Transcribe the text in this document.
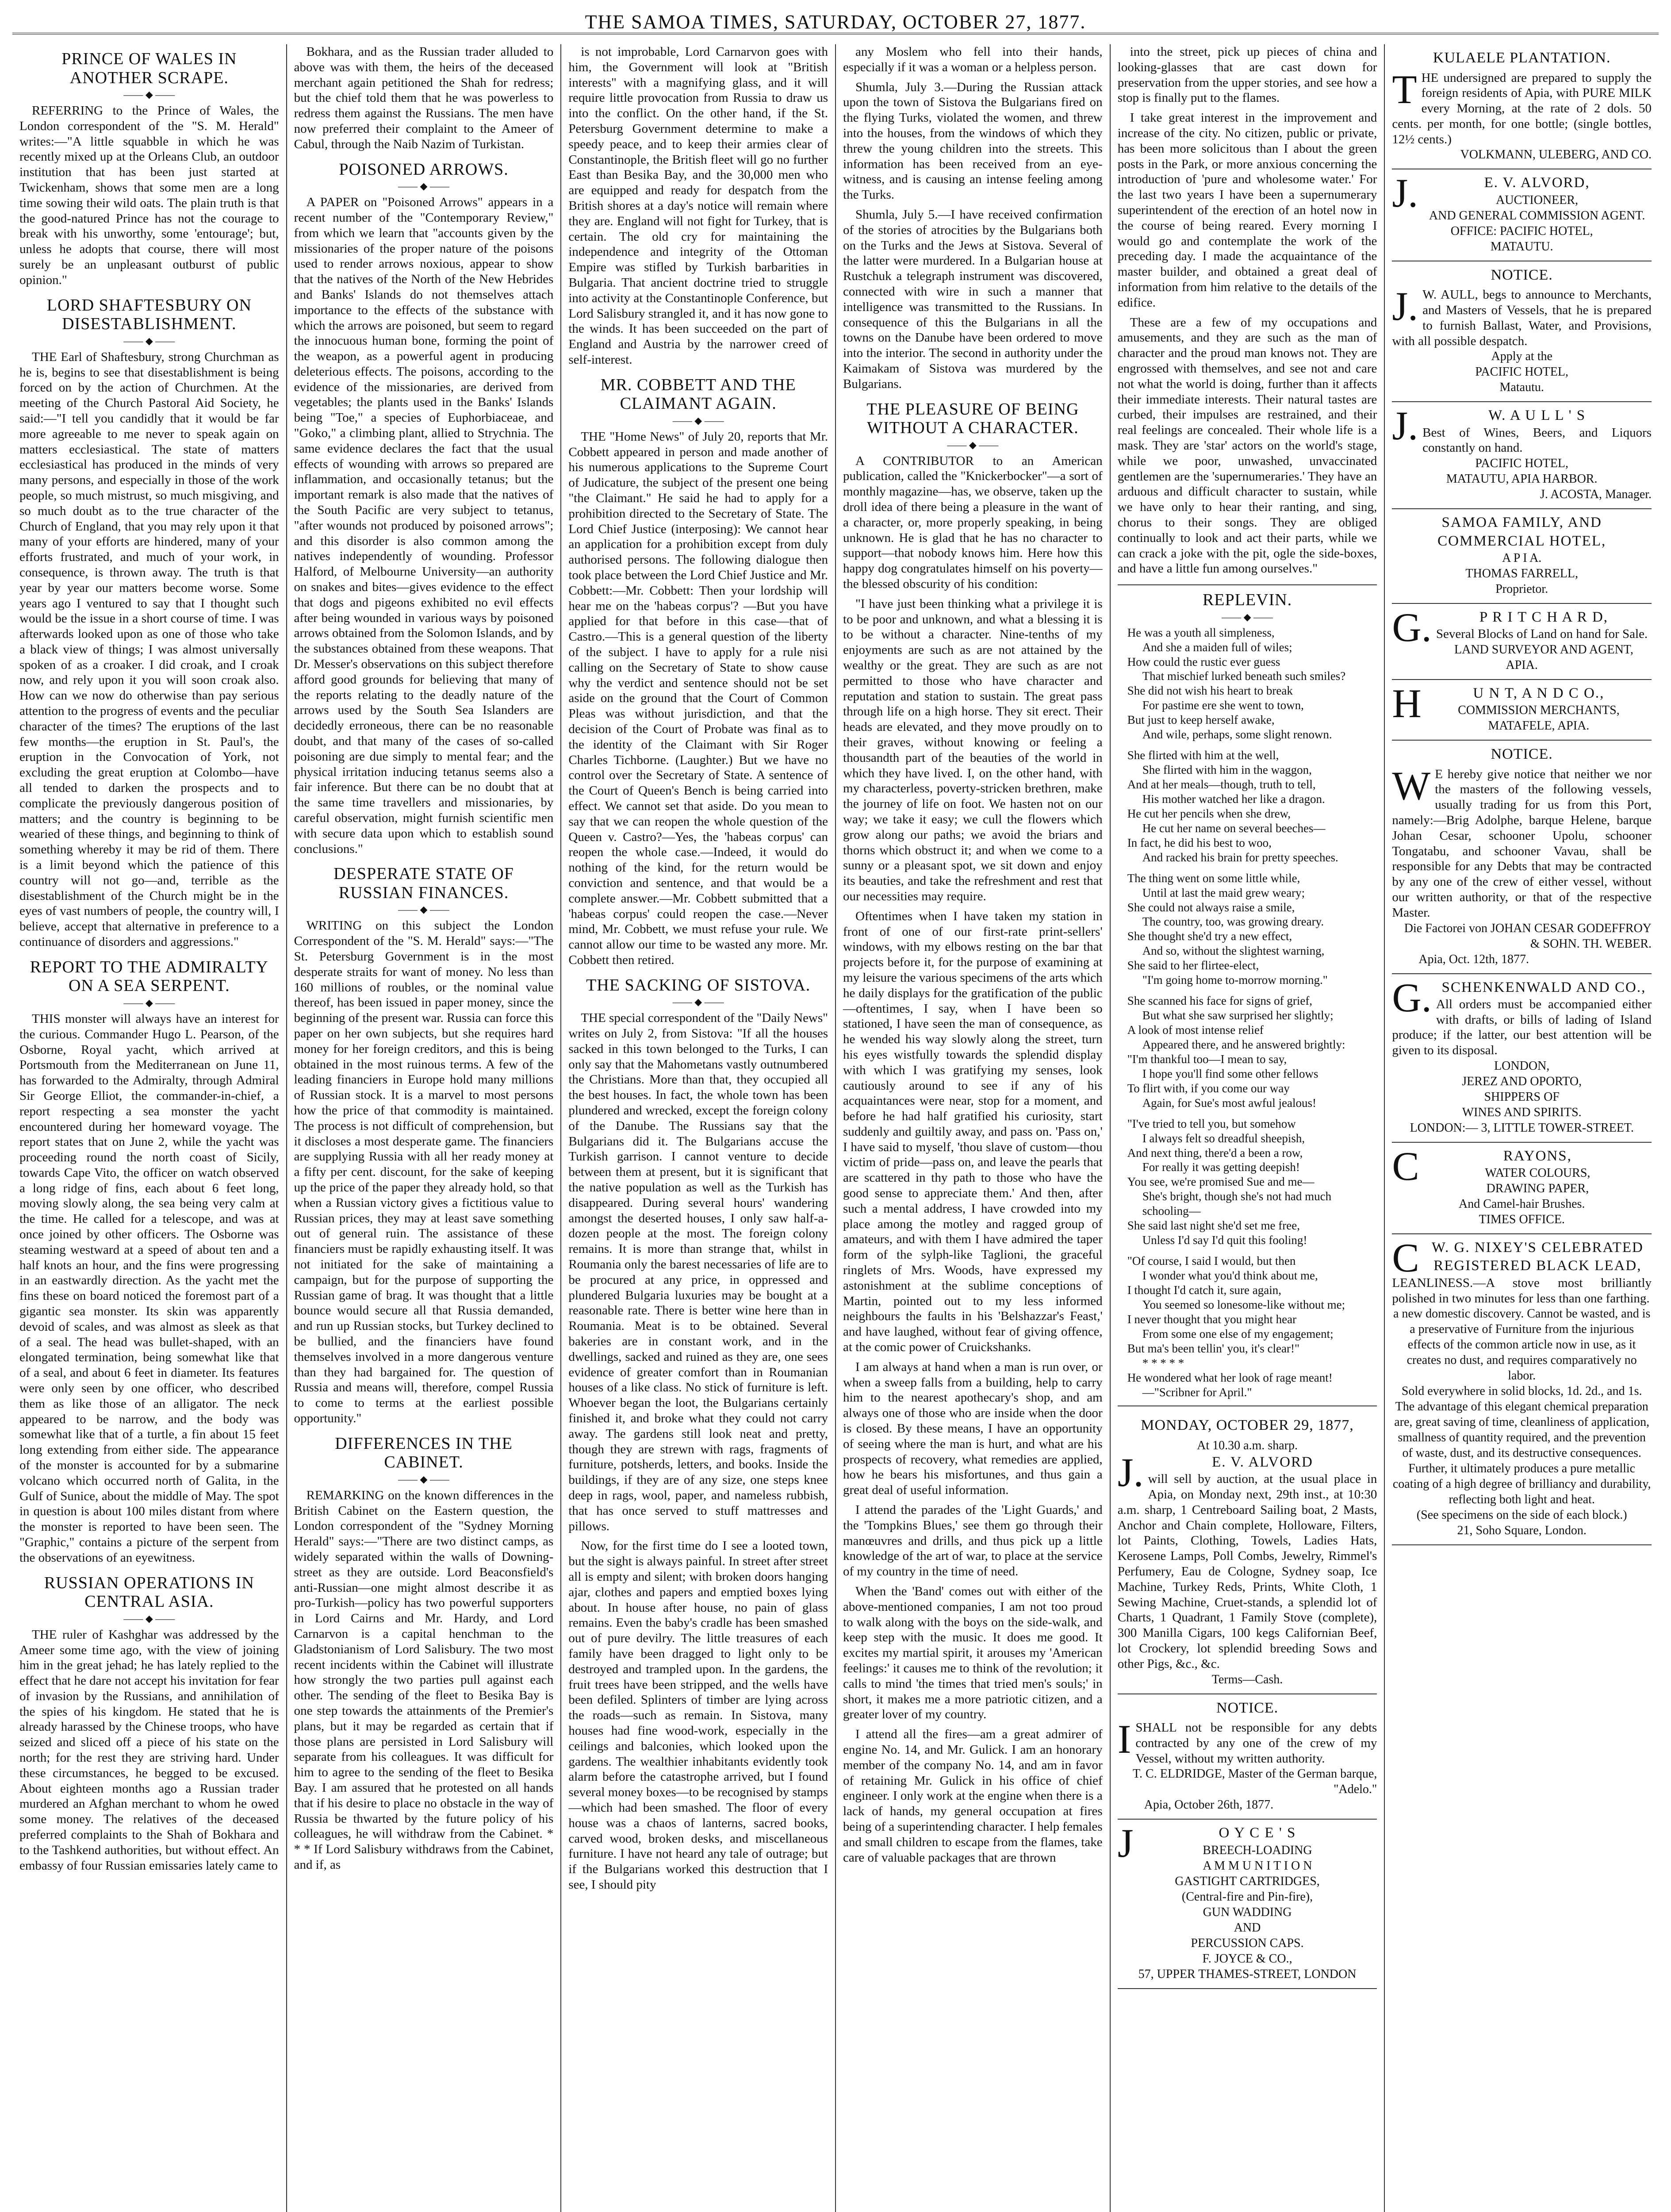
THE SAMOA TIMES, SATURDAY, OCTOBER 27, 1877.
PRINCE OF WALES IN ANOTHER SCRAPE.
—— ◆ ——

REFERRING to the Prince of Wales, the London correspondent of the "S. M. Herald" writes:—"A little squabble in which he was recently mixed up at the Orleans Club, an outdoor institution that has been just started at Twickenham, shows that some men are a long time sowing their wild oats. The plain truth is that the good-natured Prince has not the courage to break with his unworthy, some 'entourage'; but, unless he adopts that course, there will most surely be an unpleasant outburst of public opinion."

LORD SHAFTESBURY ON DISESTABLISHMENT.
—— ◆ ——

THE Earl of Shaftesbury, strong Churchman as he is, begins to see that disestablishment is being forced on by the action of Churchmen. At the meeting of the Church Pastoral Aid Society, he said:—"I tell you candidly that it would be far more agreeable to me never to speak again on matters ecclesiastical. The state of matters ecclesiastical has produced in the minds of very many persons, and especially in those of the work people, so much mistrust, so much misgiving, and so much doubt as to the true character of the Church of England, that you may rely upon it that many of your efforts are hindered, many of your efforts frustrated, and much of your work, in consequence, is thrown away. The truth is that year by year our matters become worse. Some years ago I ventured to say that I thought such would be the issue in a short course of time. I was afterwards looked upon as one of those who take a black view of things; I was almost universally spoken of as a croaker. I did croak, and I croak now, and rely upon it you will soon croak also. How can we now do otherwise than pay serious attention to the progress of events and the peculiar character of the times? The eruptions of the last few months—the eruption in St. Paul's, the eruption in the Convocation of York, not excluding the great eruption at Colombo—have all tended to darken the prospects and to complicate the previously dangerous position of matters; and the country is beginning to be wearied of these things, and beginning to think of something whereby it may be rid of them. There is a limit beyond which the patience of this country will not go—and, terrible as the disestablishment of the Church might be in the eyes of vast numbers of people, the country will, I believe, accept that alternative in preference to a continuance of disorders and aggressions."

REPORT TO THE ADMIRALTY ON A SEA SERPENT.
—— ◆ ——

THIS monster will always have an interest for the curious. Commander Hugo L. Pearson, of the Osborne, Royal yacht, which arrived at Portsmouth from the Mediterranean on June 11, has forwarded to the Admiralty, through Admiral Sir George Elliot, the commander-in-chief, a report respecting a sea monster the yacht encountered during her homeward voyage. The report states that on June 2, while the yacht was proceeding round the north coast of Sicily, towards Cape Vito, the officer on watch observed a long ridge of fins, each about 6 feet long, moving slowly along, the sea being very calm at the time. He called for a telescope, and was at once joined by other officers. The Osborne was steaming westward at a speed of about ten and a half knots an hour, and the fins were progressing in an eastwardly direction. As the yacht met the fins these on board noticed the foremost part of a gigantic sea monster. Its skin was apparently devoid of scales, and was almost as sleek as that of a seal. The head was bullet-shaped, with an elongated termination, being somewhat like that of a seal, and about 6 feet in diameter. Its features were only seen by one officer, who described them as like those of an alligator. The neck appeared to be narrow, and the body was somewhat like that of a turtle, a fin about 15 feet long extending from either side. The appearance of the monster is accounted for by a submarine volcano which occurred north of Galita, in the Gulf of Sunice, about the middle of May. The spot in question is about 100 miles distant from where the monster is reported to have been seen. The "Graphic," contains a picture of the serpent from the observations of an eyewitness.

RUSSIAN OPERATIONS IN CENTRAL ASIA.
—— ◆ ——

THE ruler of Kashghar was addressed by the Ameer some time ago, with the view of joining him in the great jehad; he has lately replied to the effect that he dare not accept his invitation for fear of invasion by the Russians, and annihilation of the spies of his kingdom. He stated that he is already harassed by the Chinese troops, who have seized and sliced off a piece of his state on the north; for the rest they are striving hard. Under these circumstances, he begged to be excused. About eighteen months ago a Russian trader murdered an Afghan merchant to whom he owed some money. The relatives of the deceased preferred complaints to the Shah of Bokhara and to the Tashkend authorities, but without effect. An embassy of four Russian emissaries lately came to

Bokhara, and as the Russian trader alluded to above was with them, the heirs of the deceased merchant again petitioned the Shah for redress; but the chief told them that he was powerless to redress them against the Russians. The men have now preferred their complaint to the Ameer of Cabul, through the Naib Nazim of Turkistan.

POISONED ARROWS.
—— ◆ ——

A PAPER on "Poisoned Arrows" appears in a recent number of the "Contemporary Review," from which we learn that "accounts given by the missionaries of the proper nature of the poisons used to render arrows noxious, appear to show that the natives of the North of the New Hebrides and Banks' Islands do not themselves attach importance to the effects of the substance with which the arrows are poisoned, but seem to regard the innocuous human bone, forming the point of the weapon, as a powerful agent in producing deleterious effects. The poisons, according to the evidence of the missionaries, are derived from vegetables; the plants used in the Banks' Islands being "Toe," a species of Euphorbiaceae, and "Goko," a climbing plant, allied to Strychnia. The same evidence declares the fact that the usual effects of wounding with arrows so prepared are inflammation, and occasionally tetanus; but the important remark is also made that the natives of the South Pacific are very subject to tetanus, "after wounds not produced by poisoned arrows"; and this disorder is also common among the natives independently of wounding. Professor Halford, of Melbourne University—an authority on snakes and bites—gives evidence to the effect that dogs and pigeons exhibited no evil effects after being wounded in various ways by poisoned arrows obtained from the Solomon Islands, and by the substances obtained from these weapons. That Dr. Messer's observations on this subject therefore afford good grounds for believing that many of the reports relating to the deadly nature of the arrows used by the South Sea Islanders are decidedly erroneous, there can be no reasonable doubt, and that many of the cases of so-called poisoning are due simply to mental fear; and the physical irritation inducing tetanus seems also a fair inference. But there can be no doubt that at the same time travellers and missionaries, by careful observation, might furnish scientific men with secure data upon which to establish sound conclusions."

DESPERATE STATE OF RUSSIAN FINANCES.
—— ◆ ——

WRITING on this subject the London Correspondent of the "S. M. Herald" says:—"The St. Petersburg Government is in the most desperate straits for want of money. No less than 160 millions of roubles, or the nominal value thereof, has been issued in paper money, since the beginning of the present war. Russia can force this paper on her own subjects, but she requires hard money for her foreign creditors, and this is being obtained in the most ruinous terms. A few of the leading financiers in Europe hold many millions of Russian stock. It is a marvel to most persons how the price of that commodity is maintained. The process is not difficult of comprehension, but it discloses a most desperate game. The financiers are supplying Russia with all her ready money at a fifty per cent. discount, for the sake of keeping up the price of the paper they already hold, so that when a Russian victory gives a fictitious value to Russian prices, they may at least save something out of general ruin. The assistance of these financiers must be rapidly exhausting itself. It was not initiated for the sake of maintaining a campaign, but for the purpose of supporting the Russian game of brag. It was thought that a little bounce would secure all that Russia demanded, and run up Russian stocks, but Turkey declined to be bullied, and the financiers have found themselves involved in a more dangerous venture than they had bargained for. The question of Russia and means will, therefore, compel Russia to come to terms at the earliest possible opportunity."

DIFFERENCES IN THE CABINET.
—— ◆ ——

REMARKING on the known differences in the British Cabinet on the Eastern question, the London correspondent of the "Sydney Morning Herald" says:—"There are two distinct camps, as widely separated within the walls of Downing-street as they are outside. Lord Beaconsfield's anti-Russian—one might almost describe it as pro-Turkish—policy has two powerful supporters in Lord Cairns and Mr. Hardy, and Lord Carnarvon is a capital henchman to the Gladstonianism of Lord Salisbury. The two most recent incidents within the Cabinet will illustrate how strongly the two parties pull against each other. The sending of the fleet to Besika Bay is one step towards the attainments of the Premier's plans, but it may be regarded as certain that if those plans are persisted in Lord Salisbury will separate from his colleagues. It was difficult for him to agree to the sending of the fleet to Besika Bay. I am assured that he protested on all hands that if his desire to place no obstacle in the way of Russia be thwarted by the future policy of his colleagues, he will withdraw from the Cabinet. * * * If Lord Salisbury withdraws from the Cabinet, and if, as

is not improbable, Lord Carnarvon goes with him, the Government will look at "British interests" with a magnifying glass, and it will require little provocation from Russia to draw us into the conflict. On the other hand, if the St. Petersburg Government determine to make a speedy peace, and to keep their armies clear of Constantinople, the British fleet will go no further East than Besika Bay, and the 30,000 men who are equipped and ready for despatch from the British shores at a day's notice will remain where they are. England will not fight for Turkey, that is certain. The old cry for maintaining the independence and integrity of the Ottoman Empire was stifled by Turkish barbarities in Bulgaria. That ancient doctrine tried to struggle into activity at the Constantinople Conference, but Lord Salisbury strangled it, and it has now gone to the winds. It has been succeeded on the part of England and Austria by the narrower creed of self-interest.

MR. COBBETT AND THE CLAIMANT AGAIN.
—— ◆ ——

THE "Home News" of July 20, reports that Mr. Cobbett appeared in person and made another of his numerous applications to the Supreme Court of Judicature, the subject of the present one being "the Claimant." He said he had to apply for a prohibition directed to the Secretary of State. The Lord Chief Justice (interposing): We cannot hear an application for a prohibition except from duly authorised persons. The following dialogue then took place between the Lord Chief Justice and Mr. Cobbett:—Mr. Cobbett: Then your lordship will hear me on the 'habeas corpus'? —But you have applied for that before in this case—that of Castro.—This is a general question of the liberty of the subject. I have to apply for a rule nisi calling on the Secretary of State to show cause why the verdict and sentence should not be set aside on the ground that the Court of Common Pleas was without jurisdiction, and that the decision of the Court of Probate was final as to the identity of the Claimant with Sir Roger Charles Tichborne. (Laughter.) But we have no control over the Secretary of State. A sentence of the Court of Queen's Bench is being carried into effect. We cannot set that aside. Do you mean to say that we can reopen the whole question of the Queen v. Castro?—Yes, the 'habeas corpus' can reopen the whole case.—Indeed, it would do nothing of the kind, for the return would be conviction and sentence, and that would be a complete answer.—Mr. Cobbett submitted that a 'habeas corpus' could reopen the case.—Never mind, Mr. Cobbett, we must refuse your rule. We cannot allow our time to be wasted any more. Mr. Cobbett then retired.

THE SACKING OF SISTOVA.
—— ◆ ——

THE special correspondent of the "Daily News" writes on July 2, from Sistova: "If all the houses sacked in this town belonged to the Turks, I can only say that the Mahometans vastly outnumbered the Christians. More than that, they occupied all the best houses. In fact, the whole town has been plundered and wrecked, except the foreign colony of the Danube. The Russians say that the Bulgarians did it. The Bulgarians accuse the Turkish garrison. I cannot venture to decide between them at present, but it is significant that the native population as well as the Turkish has disappeared. During several hours' wandering amongst the deserted houses, I only saw half-a-dozen people at the most. The foreign colony remains. It is more than strange that, whilst in Roumania only the barest necessaries of life are to be procured at any price, in oppressed and plundered Bulgaria luxuries may be bought at a reasonable rate. There is better wine here than in Roumania. Meat is to be obtained. Several bakeries are in constant work, and in the dwellings, sacked and ruined as they are, one sees evidence of greater comfort than in Roumanian houses of a like class. No stick of furniture is left. Whoever began the loot, the Bulgarians certainly finished it, and broke what they could not carry away. The gardens still look neat and pretty, though they are strewn with rags, fragments of furniture, potsherds, letters, and books. Inside the buildings, if they are of any size, one steps knee deep in rags, wool, paper, and nameless rubbish, that has once served to stuff mattresses and pillows.

Now, for the first time do I see a looted town, but the sight is always painful. In street after street all is empty and silent; with broken doors hanging ajar, clothes and papers and emptied boxes lying about. In house after house, no pain of glass remains. Even the baby's cradle has been smashed out of pure devilry. The little treasures of each family have been dragged to light only to be destroyed and trampled upon. In the gardens, the fruit trees have been stripped, and the wells have been defiled. Splinters of timber are lying across the roads—such as remain. In Sistova, many houses had fine wood-work, especially in the ceilings and balconies, which looked upon the gardens. The wealthier inhabitants evidently took alarm before the catastrophe arrived, but I found several money boxes—to be recognised by stamps—which had been smashed. The floor of every house was a chaos of lanterns, sacred books, carved wood, broken desks, and miscellaneous furniture. I have not heard any tale of outrage; but if the Bulgarians worked this destruction that I see, I should pity

any Moslem who fell into their hands, especially if it was a woman or a helpless person.

Shumla, July 3.—During the Russian attack upon the town of Sistova the Bulgarians fired on the flying Turks, violated the women, and threw into the houses, from the windows of which they threw the young children into the streets. This information has been received from an eye-witness, and is causing an intense feeling among the Turks.

Shumla, July 5.—I have received confirmation of the stories of atrocities by the Bulgarians both on the Turks and the Jews at Sistova. Several of the latter were murdered. In a Bulgarian house at Rustchuk a telegraph instrument was discovered, connected with wire in such a manner that intelligence was transmitted to the Russians. In consequence of this the Bulgarians in all the towns on the Danube have been ordered to move into the interior. The second in authority under the Kaimakam of Sistova was murdered by the Bulgarians.

THE PLEASURE OF BEING WITHOUT A CHARACTER.
—— ◆ ——

A CONTRIBUTOR to an American publication, called the "Knickerbocker"—a sort of monthly magazine—has, we observe, taken up the droll idea of there being a pleasure in the want of a character, or, more properly speaking, in being unknown. He is glad that he has no character to support—that nobody knows him. Here how this happy dog congratulates himself on his poverty—the blessed obscurity of his condition:

"I have just been thinking what a privilege it is to be poor and unknown, and what a blessing it is to be without a character. Nine-tenths of my enjoyments are such as are not attained by the wealthy or the great. They are such as are not permitted to those who have character and reputation and station to sustain. The great pass through life on a high horse. They sit erect. Their heads are elevated, and they move proudly on to their graves, without knowing or feeling a thousandth part of the beauties of the world in which they have lived. I, on the other hand, with my characterless, poverty-stricken brethren, make the journey of life on foot. We hasten not on our way; we take it easy; we cull the flowers which grow along our paths; we avoid the briars and thorns which obstruct it; and when we come to a sunny or a pleasant spot, we sit down and enjoy its beauties, and take the refreshment and rest that our necessities may require.

Oftentimes when I have taken my station in front of one of our first-rate print-sellers' windows, with my elbows resting on the bar that projects before it, for the purpose of examining at my leisure the various specimens of the arts which he daily displays for the gratification of the public—oftentimes, I say, when I have been so stationed, I have seen the man of consequence, as he wended his way slowly along the street, turn his eyes wistfully towards the splendid display with which I was gratifying my senses, look cautiously around to see if any of his acquaintances were near, stop for a moment, and before he had half gratified his curiosity, start suddenly and guiltily away, and pass on. 'Pass on,' I have said to myself, 'thou slave of custom—thou victim of pride—pass on, and leave the pearls that are scattered in thy path to those who have the good sense to appreciate them.' And then, after such a mental address, I have crowded into my place among the motley and ragged group of amateurs, and with them I have admired the taper form of the sylph-like Taglioni, the graceful ringlets of Mrs. Woods, have expressed my astonishment at the sublime conceptions of Martin, pointed out to my less informed neighbours the faults in his 'Belshazzar's Feast,' and have laughed, without fear of giving offence, at the comic power of Cruickshanks.

I am always at hand when a man is run over, or when a sweep falls from a building, help to carry him to the nearest apothecary's shop, and am always one of those who are inside when the door is closed. By these means, I have an opportunity of seeing where the man is hurt, and what are his prospects of recovery, what remedies are applied, how he bears his misfortunes, and thus gain a great deal of useful information.

I attend the parades of the 'Light Guards,' and the 'Tompkins Blues,' see them go through their manœuvres and drills, and thus pick up a little knowledge of the art of war, to place at the service of my country in the time of need.

When the 'Band' comes out with either of the above-mentioned companies, I am not too proud to walk along with the boys on the side-walk, and keep step with the music. It does me good. It excites my martial spirit, it arouses my 'American feelings:' it causes me to think of the revolution; it calls to mind 'the times that tried men's souls;' in short, it makes me a more patriotic citizen, and a greater lover of my country.

I attend all the fires—am a great admirer of engine No. 14, and Mr. Gulick. I am an honorary member of the company No. 14, and am in favor of retaining Mr. Gulick in his office of chief engineer. I only work at the engine when there is a lack of hands, my general occupation at fires being of a superintending character. I help females and small children to escape from the flames, take care of valuable packages that are thrown

into the street, pick up pieces of china and looking-glasses that are cast down for preservation from the upper stories, and see how a stop is finally put to the flames.

I take great interest in the improvement and increase of the city. No citizen, public or private, has been more solicitous than I about the green posts in the Park, or more anxious concerning the introduction of 'pure and wholesome water.' For the last two years I have been a supernumerary superintendent of the erection of an hotel now in the course of being reared. Every morning I would go and contemplate the work of the preceding day. I made the acquaintance of the master builder, and obtained a great deal of information from him relative to the details of the edifice.

These are a few of my occupations and amusements, and they are such as the man of character and the proud man knows not. They are engrossed with themselves, and see not and care not what the world is doing, further than it affects their immediate interests. Their natural tastes are curbed, their impulses are restrained, and their real feelings are concealed. Their whole life is a mask. They are 'star' actors on the world's stage, while we poor, unwashed, unvaccinated gentlemen are the 'supernumeraries.' They have an arduous and difficult character to sustain, while we have only to hear their ranting, and sing, chorus to their songs. They are obliged continually to look and act their parts, while we can crack a joke with the pit, ogle the side-boxes, and have a little fun among ourselves."

REPLEVIN.
—— ◆ ——
He was a youth all simpleness,
And she a maiden full of wiles;
How could the rustic ever guess
That mischief lurked beneath such smiles?
She did not wish his heart to break
For pastime ere she went to town,
But just to keep herself awake,
And wile, perhaps, some slight renown.
She flirted with him at the well,
She flirted with him in the waggon,
And at her meals—though, truth to tell,
His mother watched her like a dragon.
He cut her pencils when she drew,
He cut her name on several beeches—
In fact, he did his best to woo,
And racked his brain for pretty speeches.
The thing went on some little while,
Until at last the maid grew weary;
She could not always raise a smile,
The country, too, was growing dreary.
She thought she'd try a new effect,
And so, without the slightest warning,
She said to her flirtee-elect,
"I'm going home to-morrow morning."
She scanned his face for signs of grief,
But what she saw surprised her slightly;
A look of most intense relief
Appeared there, and he answered brightly:
"I'm thankful too—I mean to say,
I hope you'll find some other fellows
To flirt with, if you come our way
Again, for Sue's most awful jealous!
"I've tried to tell you, but somehow
I always felt so dreadful sheepish,
And next thing, there'd a been a row,
For really it was getting deepish!
You see, we're promised Sue and me—
She's bright, though she's not had much schooling—
She said last night she'd set me free,
Unless I'd say I'd quit this fooling!
"Of course, I said I would, but then
I wonder what you'd think about me,
I thought I'd catch it, sure again,
You seemed so lonesome-like without me;
I never thought that you might hear
From some one else of my engagement;
But ma's been tellin' you, it's clear!"
* * * * *
He wondered what her look of rage meant!
—"Scribner for April."
MONDAY, OCTOBER 29, 1877,
At 10.30 a.m. sharp.
J.	E. V. ALVORD
will sell by auction, at the usual place in Apia, on Monday next, 29th inst., at 10:30 a.m. sharp, 1 Centreboard Sailing boat, 2 Masts, Anchor and Chain complete, Holloware, Filters, lot Paints, Clothing, Towels, Ladies Hats, Kerosene Lamps, Poll Combs, Jewelry, Rimmel's Perfumery, Eau de Cologne, Sydney soap, Ice Machine, Turkey Reds, Prints, White Cloth, 1 Sewing Machine, Cruet-stands, a splendid lot of Charts, 1 Quadrant, 1 Family Stove (complete), 300 Manilla Cigars, 100 kegs Californian Beef, lot Crockery, lot splendid breeding Sows and other Pigs, &c., &c.
Terms—Cash.
NOTICE.
I SHALL not be responsible for any debts contracted by any one of the crew of my Vessel, without my written authority.
T. C. ELDRIDGE, Master of the German barque, "Adelo."
Apia, October 26th, 1877.
J	O Y C E ' S
BREECH-LOADING
A M M U N I T I O N
GASTIGHT CARTRIDGES,
(Central-fire and Pin-fire),
GUN WADDING
AND
PERCUSSION CAPS.
F. JOYCE & CO.,
57, UPPER THAMES-STREET, LONDON
KULAELE PLANTATION.
T HE undersigned are prepared to supply the foreign residents of Apia, with PURE MILK every Morning, at the rate of 2 dols. 50 cents. per month, for one bottle; (single bottles, 12½ cents.)
VOLKMANN, ULEBERG, AND CO.
J.	E. V. ALVORD,
AUCTIONEER,
AND GENERAL COMMISSION AGENT.
OFFICE: PACIFIC HOTEL,
MATAUTU.
NOTICE.
J. W. AULL, begs to announce to Merchants, and Masters of Vessels, that he is prepared to furnish Ballast, Water, and Provisions, with all possible despatch.
Apply at the
PACIFIC HOTEL,
Matautu.
J.	W. A U L L ' S
Best of Wines, Beers, and Liquors constantly on hand.
PACIFIC HOTEL,
MATAUTU, APIA HARBOR.
J. ACOSTA, Manager.
SAMOA FAMILY, AND COMMERCIAL HOTEL,
A P I A.
THOMAS FARRELL,
Proprietor.
G.	P R I T C H A R D,
Several Blocks of Land on hand for Sale.
LAND SURVEYOR AND AGENT,
APIA.
H	U N T, A N D C O.,
COMMISSION MERCHANTS,
MATAFELE, APIA.
NOTICE.
W E hereby give notice that neither we nor the masters of the following vessels, usually trading for us from this Port, namely:—Brig Adolphe, barque Helene, barque Johan Cesar, schooner Upolu, schooner Tongatabu, and schooner Vavau, shall be responsible for any Debts that may be contracted by any one of the crew of either vessel, without our written authority, or that of the respective Master.
Die Factorei von JOHAN CESAR GODEFFROY & SOHN. TH. WEBER.
Apia, Oct. 12th, 1877.
G. SCHENKENWALD AND CO.,
All orders must be accompanied either with drafts, or bills of lading of Island produce; if the latter, our best attention will be given to its disposal.
LONDON,
JEREZ AND OPORTO,
SHIPPERS OF
WINES AND SPIRITS.
LONDON:— 3, LITTLE TOWER-STREET.
C	RAYONS,
WATER COLOURS,
DRAWING PAPER,
And Camel-hair Brushes.
TIMES OFFICE.
C W. G. NIXEY'S CELEBRATED REGISTERED BLACK LEAD,
LEANLINESS.—A stove most brilliantly polished in two minutes for less than one farthing.
a new domestic discovery. Cannot be wasted, and is a preservative of Furniture from the injurious effects of the common article now in use, as it creates no dust, and requires comparatively no labor.
Sold everywhere in solid blocks, 1d. 2d., and 1s.
The advantage of this elegant chemical preparation are, great saving of time, cleanliness of application, smallness of quantity required, and the prevention of waste, dust, and its destructive consequences. Further, it ultimately produces a pure metallic coating of a high degree of brilliancy and durability, reflecting both light and heat.
(See specimens on the side of each block.)
21, Soho Square, London.
